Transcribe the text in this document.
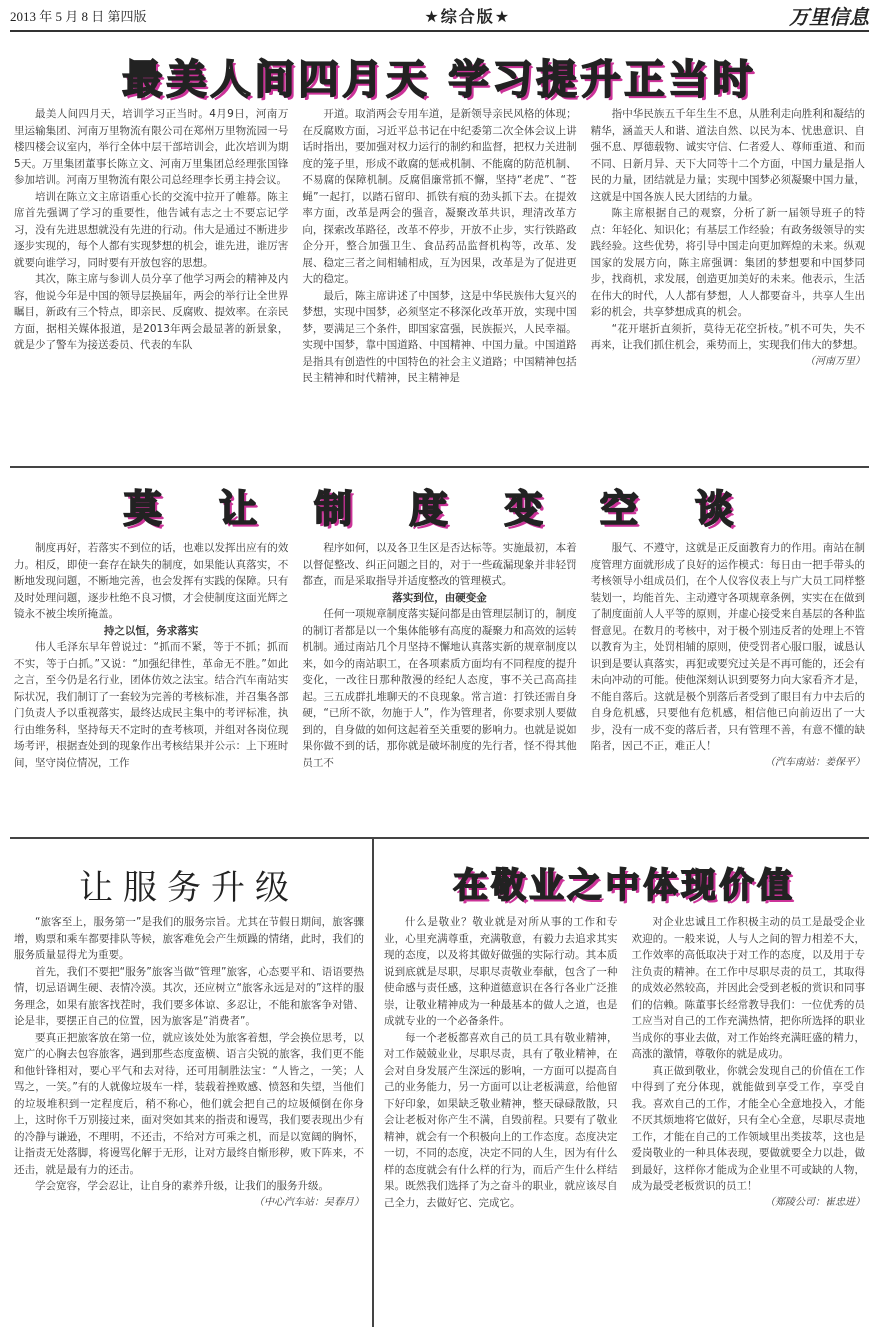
2013 年 5 月 8 日 第四版	★综合版★	万里信息
最美人间四月天 学习提升正当时

最美人间四月天，培训学习正当时。4月9日，河南万里运输集团、河南万里物流有限公司在郑州万里物流园一号楼四楼会议室内，举行全体中层干部培训会，此次培训为期5天。万里集团董事长陈立文、河南万里集团总经理张国锋参加培训。河南万里物流有限公司总经理李长勇主持会议。

培训在陈立文主席语重心长的交流中拉开了帷幕。陈主席首先强调了学习的重要性，他告诫有志之士不要忘记学习，没有先进思想就没有先进的行动。伟大是通过不断进步逐步实现的，每个人都有实现梦想的机会，谁先进，谁厉害就要向谁学习，同时要有开放包容的思想。

其次，陈主席与参训人员分享了他学习两会的精神及内容，他说今年是中国的领导层换届年，两会的举行让全世界瞩目，新政有三个特点，即亲民、反腐败、提效率。在亲民方面，据相关媒体报道，是2013年两会最显著的新景象，就是少了警车为接送委员、代表的车队

开道。取消两会专用车道，是新领导亲民风格的体现；在反腐败方面，习近平总书记在中纪委第二次全体会议上讲话时指出，要加强对权力运行的制约和监督，把权力关进制度的笼子里，形成不敢腐的惩戒机制、不能腐的防范机制、不易腐的保障机制。反腐倡廉常抓不懈，坚持“老虎”、“苍蝇”一起打，以踏石留印、抓铁有痕的劲头抓下去。在提效率方面，改革是两会的强音，凝聚改革共识，理清改革方向，探索改革路径，改革不停步，开放不止步，实行铁路政企分开，整合加强卫生、食品药品监督机构等，改革、发展、稳定三者之间相辅相成，互为因果，改革是为了促进更大的稳定。

最后，陈主席讲述了中国梦，这是中华民族伟大复兴的梦想，实现中国梦，必须坚定不移深化改革开放，实现中国梦，要满足三个条件，即国家富强，民族振兴，人民幸福。实现中国梦，靠中国道路、中国精神、中国力量。中国道路是指具有创造性的中国特色的社会主义道路；中国精神包括民主精神和时代精神，民主精神是

指中华民族五千年生生不息，从胜利走向胜利和凝结的精华，涵盖天人和谐、道法自然、以民为本、忧患意识、自强不息、厚德载物、诚实守信、仁者爱人、尊师重道、和而不同、日新月异、天下大同等十二个方面，中国力量是指人民的力量，团结就是力量；实现中国梦必须凝聚中国力量，这就是中国各族人民大团结的力量。

陈主席根据自己的观察，分析了新一届领导班子的特点：年轻化、知识化；有基层工作经验；有政务级领导的实践经验。这些优势，将引导中国走向更加辉煌的未来。纵观国家的发展方向，陈主席强调：集团的梦想要和中国梦同步，找商机，求发展，创造更加美好的未来。他表示，生活在伟大的时代，人人都有梦想，人人都要奋斗，共享人生出彩的机会，共享梦想成真的机会。

“花开堪折直须折，莫待无花空折枝。”机不可失，失不再来，让我们抓住机会，乘势而上，实现我们伟大的梦想。

（河南万里）

莫 让 制 度 变 空 谈

制度再好，若落实不到位的话，也难以发挥出应有的效力。相反，即使一套存在缺失的制度，如果能认真落实，不断地发现问题，不断地完善，也会发挥有实践的保障。只有及时处理问题，逐步杜绝不良习惯，才会使制度这面光辉之镜永不被尘埃所掩盖。

持之以恒，务求落实

伟人毛泽东早年曾说过：“抓而不紧，等于不抓；抓而不实，等于白抓。”又说：“加强纪律性，革命无不胜。”如此之言，至今仍是名行业，团体仿效之法宝。结合汽车南站实际状况，我们制订了一套较为完善的考核标准，并召集各部门负责人予以重视落实，最终达成民主集中的考评标准，执行由维务科，坚持每天不定时的查考核项，并组对各岗位现场考评，根据查处到的现象作出考核结果并公示：上下班时间，坚守岗位情况，工作

程序如何，以及各卫生区是否达标等。实施最初，本着以督促整改、纠正问题之目的，对于一些疏漏现象并非轻罚都查，而是采取指导并适度整改的管理模式。

落实到位，由硬变金

任何一项规章制度落实疑问都是由管理层制订的，制度的制订者都是以一个集体能够有高度的凝聚力和高效的运转机制。通过南站几个月坚持不懈地认真落实新的规章制度以来，如今的南站职工，在各项素质方面均有不同程度的提升变化，一改往日那种散漫的经纪人态度，事不关己高高挂起。三五成群扎堆聊天的不良现象。常言道：打铁还需自身硬，“已所不欲，勿施于人”，作为管理者，你要求别人要做到的，自身做的如何这起着至关重要的影响力。也就是说如果你做不到的话，那你就是破坏制度的先行者，怪不得其他员工不

服气、不遵守，这就是正反面教育力的作用。南站在制度管理方面就形成了良好的运作模式：每日由一把手带头的考核领导小组成员们，在个人仪容仪表上与广大员工同样整装划一，均能首先、主动遵守各项规章条例，实实在在做到了制度面前人人平等的原则，并虚心接受来自基层的各种监督意见。在数月的考核中，对于极个别违反者的处理上不管以教育为主，处罚相辅的原则，使受罚者心服口服，诚恳认识到是要认真落实，再犯或要究过关是不再可能的，还会有未向冲动的可能。使他深刻认识到要努力向大家看齐才是，不能自落后。这就是极个别落后者受到了眼目有力中去后的自身危机感，只要他有危机感，相信他已向前迈出了一大步，没有一成不变的落后者，只有管理不善，有意不懂的缺陷者，因己不正，难正人！

（汽车南站：姜保平）

让服务升级

“旅客至上，服务第一”是我们的服务宗旨。尤其在节假日期间，旅客骤增，购票和乘车都要排队等候，旅客难免会产生烦躁的情绪，此时，我们的服务质量显得尤为重要。

首先，我们不要把“服务”旅客当做“管理”旅客，心态要平和、语语要热情，切忌语调生硬、表情冷漠。其次，还应树立“旅客永远是对的”这样的服务理念，如果有旅客找茬时，我们要多体谅、多忍让，不能和旅客争对错、论是非，要摆正自己的位置，因为旅客是“消费者”。

要真正把旅客放在第一位，就应该处处为旅客着想，学会换位思考，以宽广的心胸去包容旅客，遇到那些态度蛮横、语言尖锐的旅客，我们更不能和他针锋相对，要心平气和去对待，还可用制胜法宝：“人皆之，一笑；人骂之，一笑。”有的人就像垃圾车一样，装载着挫败感、愤怒和失望，当他们的垃圾堆积到一定程度后，稍不称心，他们就会把自己的垃圾倾倒在你身上，这时你千万别接过来，面对突如其来的指责和谩骂，我们要表现出少有的冷静与谦逊，不理明，不还击，不给对方可乘之机，而是以宽阔的胸怀，让指责无处落脚，将谩骂化解于无形，让对方最终自惭形秽，败下阵来，不还击，就是最有力的还击。

学会宽容，学会忍让，让自身的素养升级，让我们的服务升级。

（中心汽车站：吴春月）

在敬业之中体现价值

什么是敬业？敬业就是对所从事的工作和专业，心里充满尊重，充满敬意，有毅力去追求其实现的态度，以及将其做好做强的实际行动。其本质说到底就是尽职，尽职尽责敬业奉献，包含了一种使命感与责任感，这种道德意识在各行各业广泛推崇，让敬业精神成为一种最基本的做人之道，也是成就专业的一个必备条件。

每一个老板都喜欢自己的员工具有敬业精神，对工作兢兢业业，尽职尽责，具有了敬业精神，在会对自身发展产生深远的影响，一方面可以提高自己的业务能力，另一方面可以让老板满意，给他留下好印象，如果缺乏敬业精神，整天碌碌散散，只会让老板对你产生不满，自毁前程。只要有了敬业精神，就会有一个积极向上的工作态度。态度决定一切，不同的态度，决定不同的人生，因为有什么样的态度就会有什么样的行为，而后产生什么样结果。既然我们选择了为之奋斗的职业，就应该尽自己全力，去做好它、完成它。

对企业忠诚且工作积极主动的员工是最受企业欢迎的。一般来说，人与人之间的智力相差不大，工作效率的高低取决于对工作的态度，以及用于专注负责的精神。在工作中尽职尽责的员工，其取得的成效必然较高，并因此会受到老板的赏识和同事们的信赖。陈董事长经常教导我们：一位优秀的员工应当对自己的工作充满热情，把你所选择的职业当成你的事业去做，对工作始终充满旺盛的精力，高涨的激情，尊敬你的就是成功。

真正做到敬业，你就会发现自己的价值在工作中得到了充分体现，就能做到享受工作，享受自我。喜欢自己的工作，才能全心全意地投入，才能不厌其烦地将它做好，只有全心全意，尽职尽责地工作，才能在自己的工作领域里出类拔萃，这也是爱岗敬业的一种具体表现，要做就要全力以赴，做到最好，这样你才能成为企业里不可或缺的人物，成为最受老板赏识的员工！

（郑陵公司：崔忠进）
